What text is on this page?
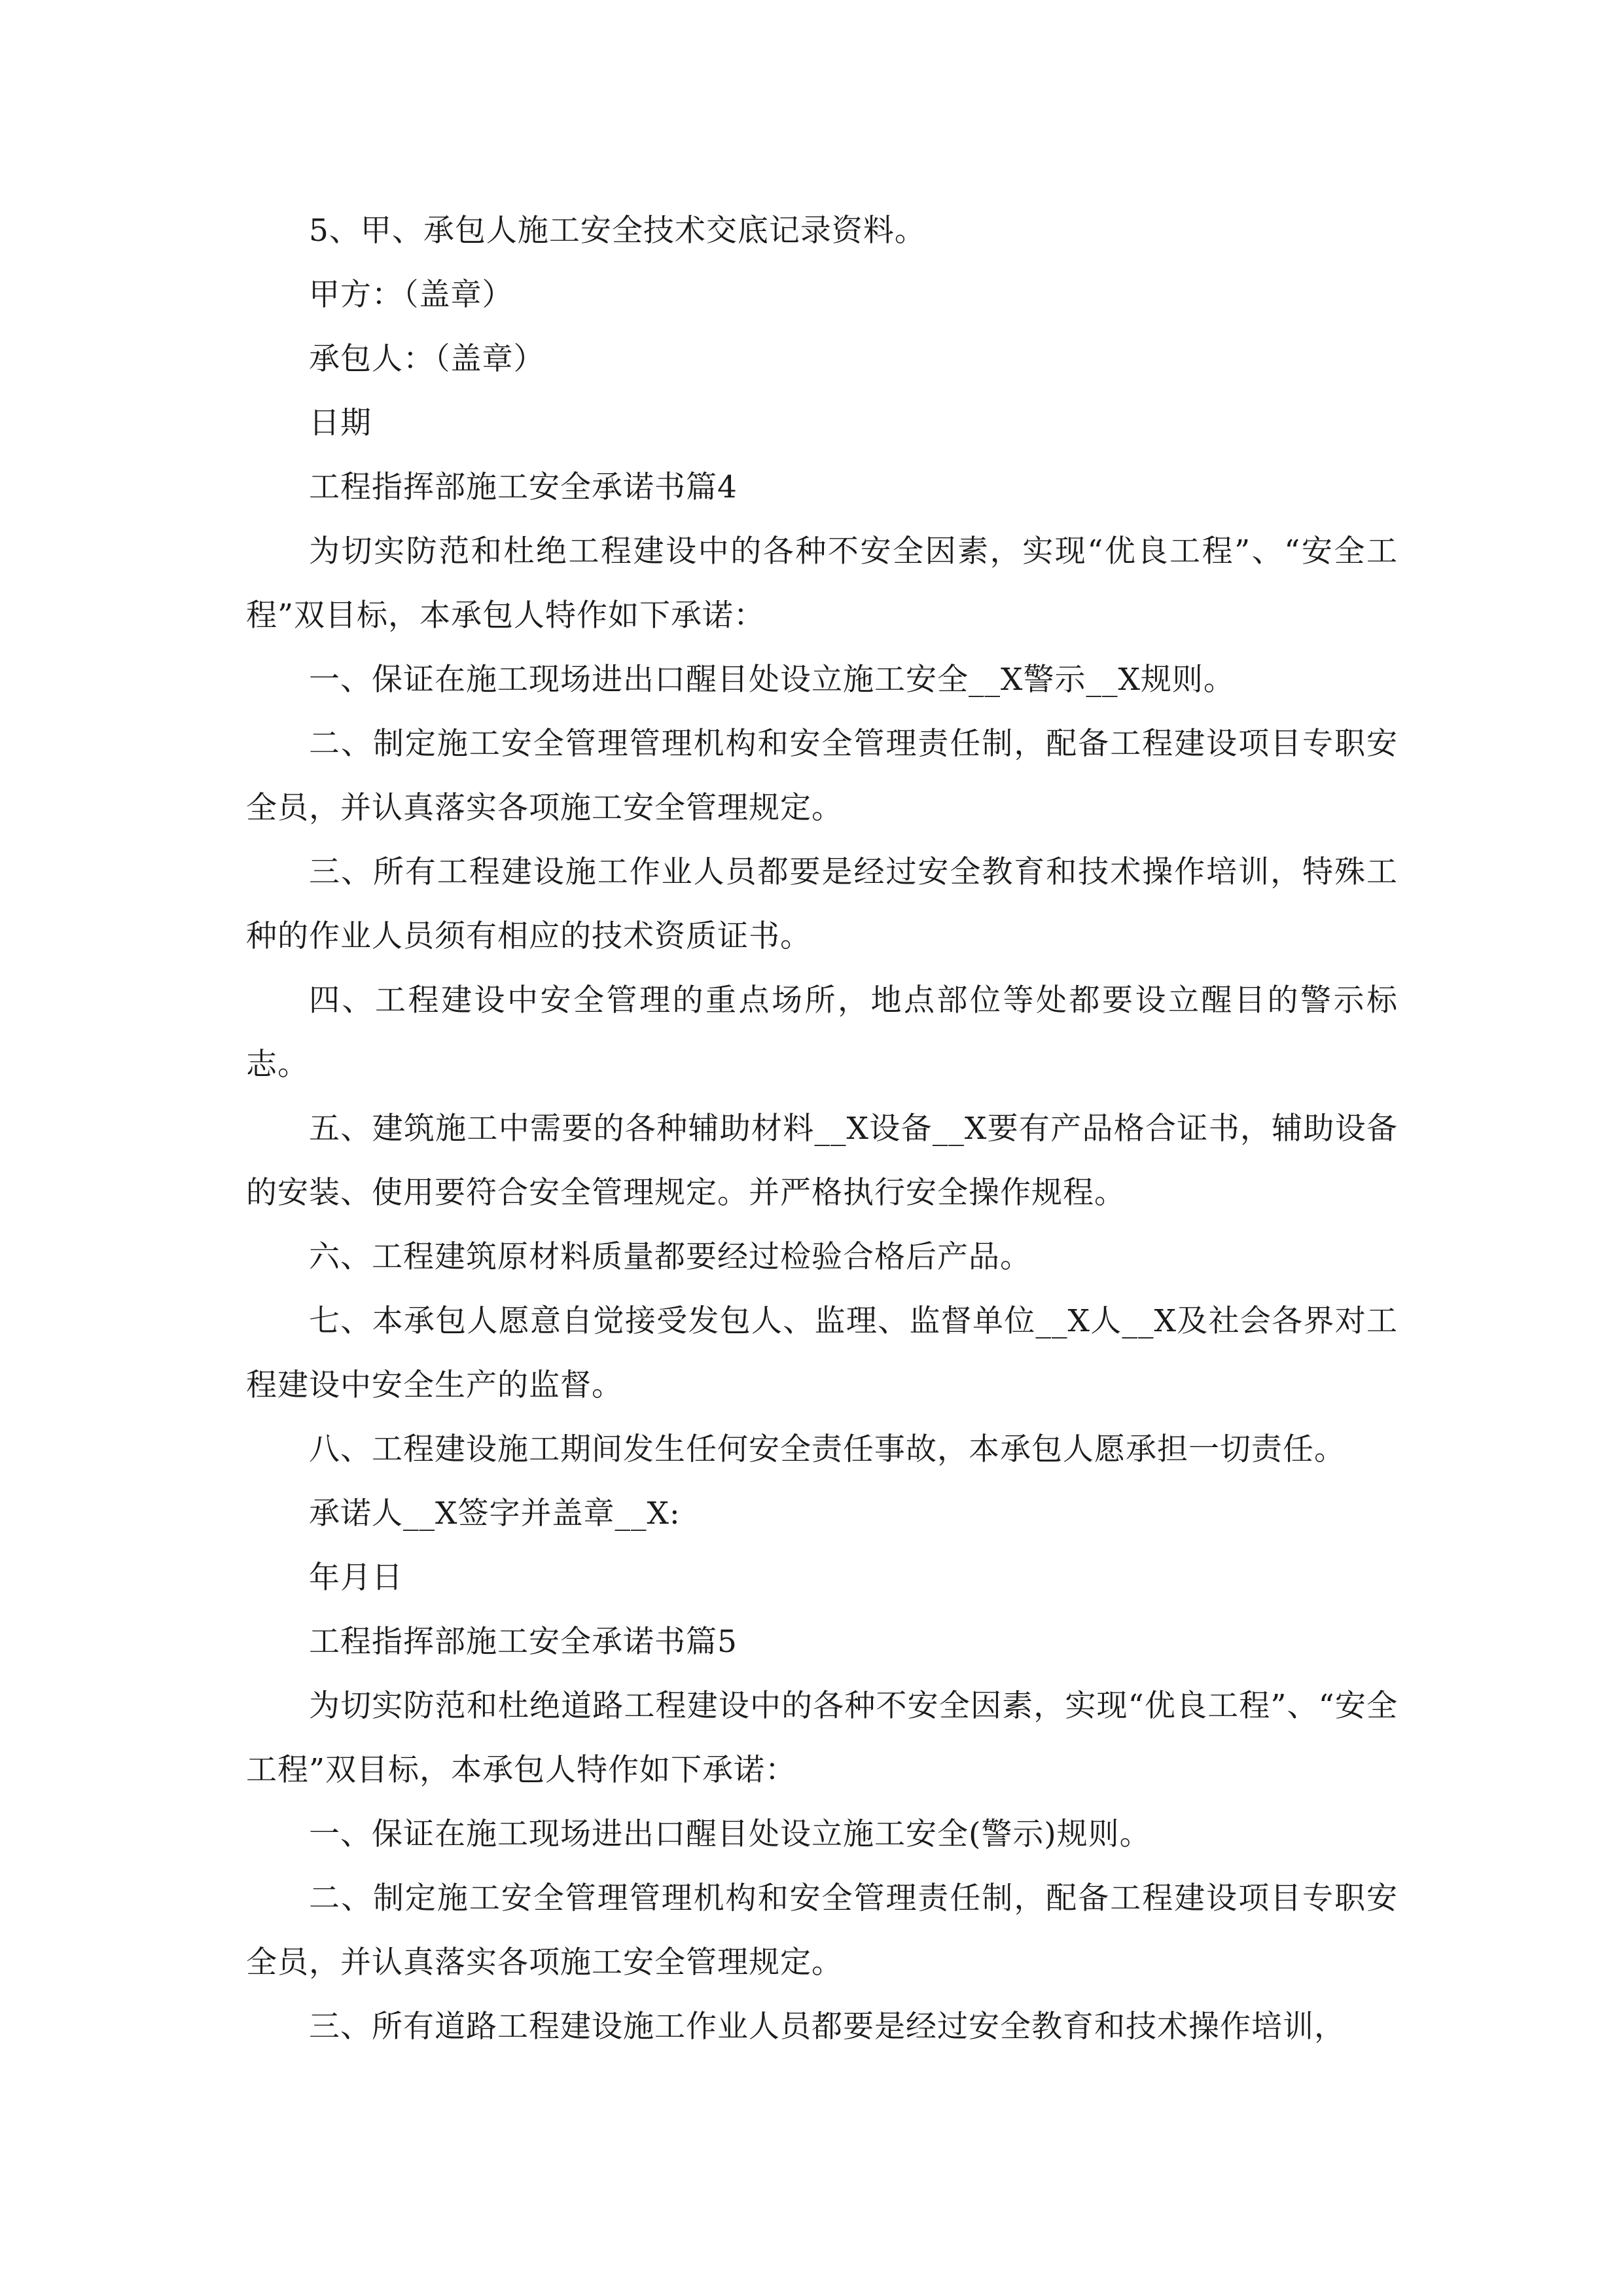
5、甲、承包人施工安全技术交底记录资料。

甲方：（盖章）

承包人：（盖章）

日期

工程指挥部施工安全承诺书篇4

为切实防范和杜绝工程建设中的各种不安全因素，实现“优良工程”、“安全工程”双目标，本承包人特作如下承诺：

一、保证在施工现场进出口醒目处设立施工安全__X警示__X规则。

二、制定施工安全管理管理机构和安全管理责任制，配备工程建设项目专职安全员，并认真落实各项施工安全管理规定。

三、所有工程建设施工作业人员都要是经过安全教育和技术操作培训，特殊工种的作业人员须有相应的技术资质证书。

四、工程建设中安全管理的重点场所，地点部位等处都要设立醒目的警示标志。

五、建筑施工中需要的各种辅助材料__X设备__X要有产品格合证书，辅助设备的安装、使用要符合安全管理规定。并严格执行安全操作规程。

六、工程建筑原材料质量都要经过检验合格后产品。

七、本承包人愿意自觉接受发包人、监理、监督单位__X人__X及社会各界对工程建设中安全生产的监督。

八、工程建设施工期间发生任何安全责任事故，本承包人愿承担一切责任。

承诺人__X签字并盖章__X:

年月日

工程指挥部施工安全承诺书篇5

为切实防范和杜绝道路工程建设中的各种不安全因素，实现“优良工程”、“安全工程”双目标，本承包人特作如下承诺：

一、保证在施工现场进出口醒目处设立施工安全(警示)规则。

二、制定施工安全管理管理机构和安全管理责任制，配备工程建设项目专职安全员，并认真落实各项施工安全管理规定。

三、所有道路工程建设施工作业人员都要是经过安全教育和技术操作培训，
